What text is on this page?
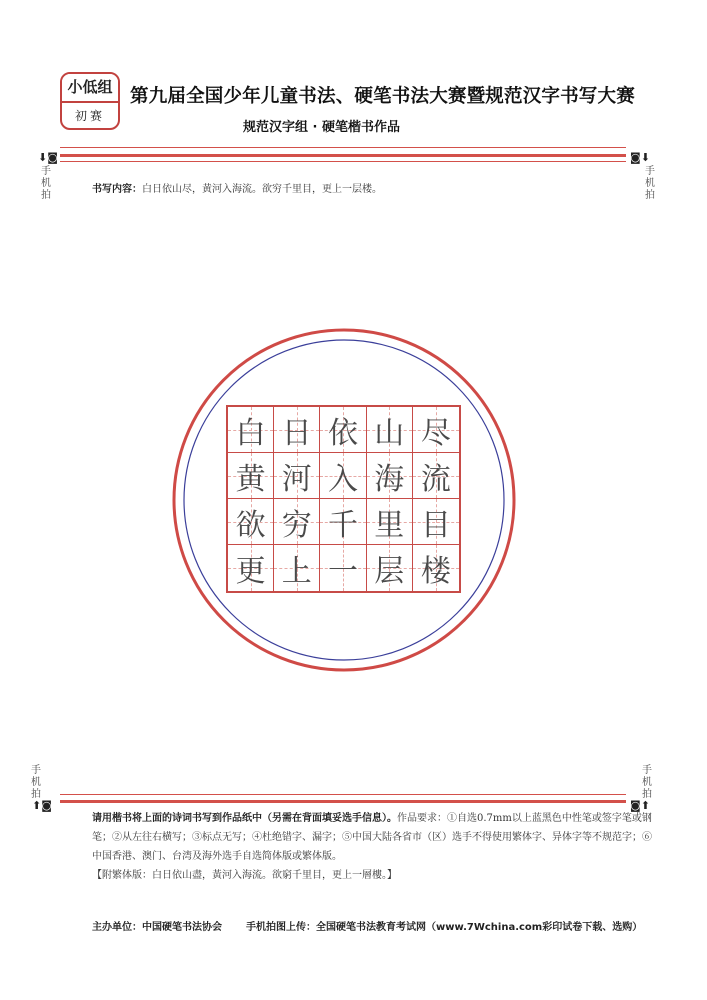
小低组
初赛
第九届全国少年儿童书法、硬笔书法大赛暨规范汉字书写大赛
规范汉字组 · 硬笔楷书作品
⬇◙
手机拍
◙⬇
手机拍
书写内容：白日依山尽，黄河入海流。欲穷千里目，更上一层楼。
白 日 依 山 尽
黄 河 入 海 流
欲 穷 千 里 目
更 上 一 层 楼
手机拍
⬆◙
手机拍
◙⬆
请用楷书将上面的诗词书写到作品纸中（另需在背面填妥选手信息）。作品要求：①自选0.7mm以上蓝黑色中性笔或签字笔或钢笔；②从左往右横写；③标点无写；④杜绝错字、漏字；⑤中国大陆各省市（区）选手不得使用繁体字、异体字等不规范字；⑥中国香港、澳门、台湾及海外选手自选简体版或繁体版。
【附繁体版：白日依山盡，黃河入海流。欲窮千里目，更上一層樓。】
主办单位：中国硬笔书法协会 手机拍图上传：全国硬笔书法教育考试网（www.7Wchina.com彩印试卷下载、选购）
